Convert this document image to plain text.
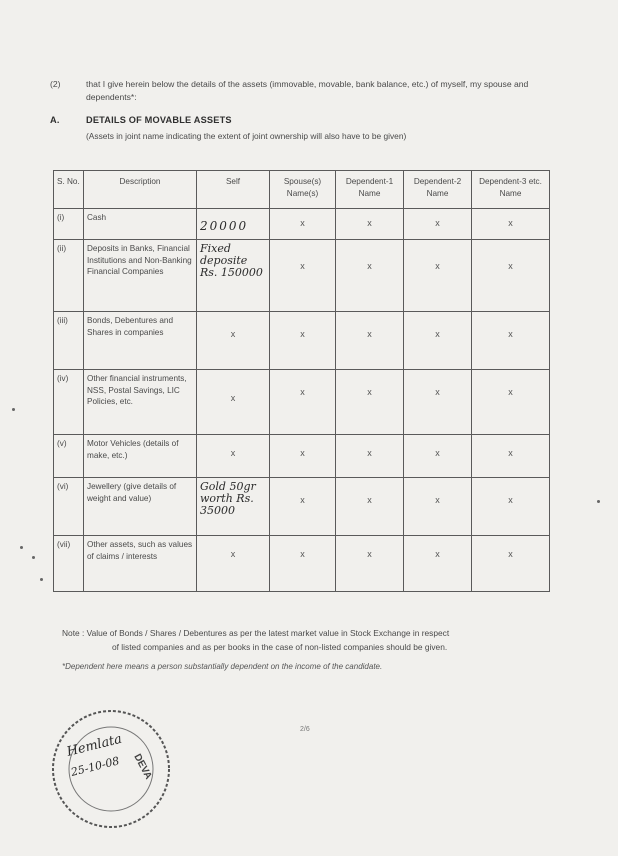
(2)	that I give herein below the details of the assets (immovable, movable, bank balance, etc.) of myself, my spouse and dependents*:
A.	DETAILS OF MOVABLE ASSETS
(Assets in joint name indicating the extent of joint ownership will also have to be given)
S. No.	Description	Self	Spouse(s) Name(s)	Dependent-1 Name	Dependent-2 Name	Dependent-3 etc. Name
(i)	Cash	20000	x	x	x	x

(ii)	Deposits in Banks, Financial Institutions and Non-Banking Financial Companies	Fixed deposite Rs. 150000	x	x	x	x

(iii)	Bonds, Debentures and Shares in companies	x	x	x	x	x

(iv)	Other financial instruments, NSS, Postal Savings, LIC Policies, etc.	x	x	x	x	x

(v)	Motor Vehicles (details of make, etc.)	x	x	x	x	x

(vi)	Jewellery (give details of weight and value)	Gold 50gr worth Rs. 35000	x	x	x	x

(vii)	Other assets, such as values of claims / interests	x	x	x	x	x
Note : Value of Bonds / Shares / Debentures as per the latest market value in Stock Exchange in respect
of listed companies and as per books in the case of non-listed companies should be given.
*Dependent here means a person substantially dependent on the income of the candidate.
2/6
DEVA
Hemlata
25-10-08
